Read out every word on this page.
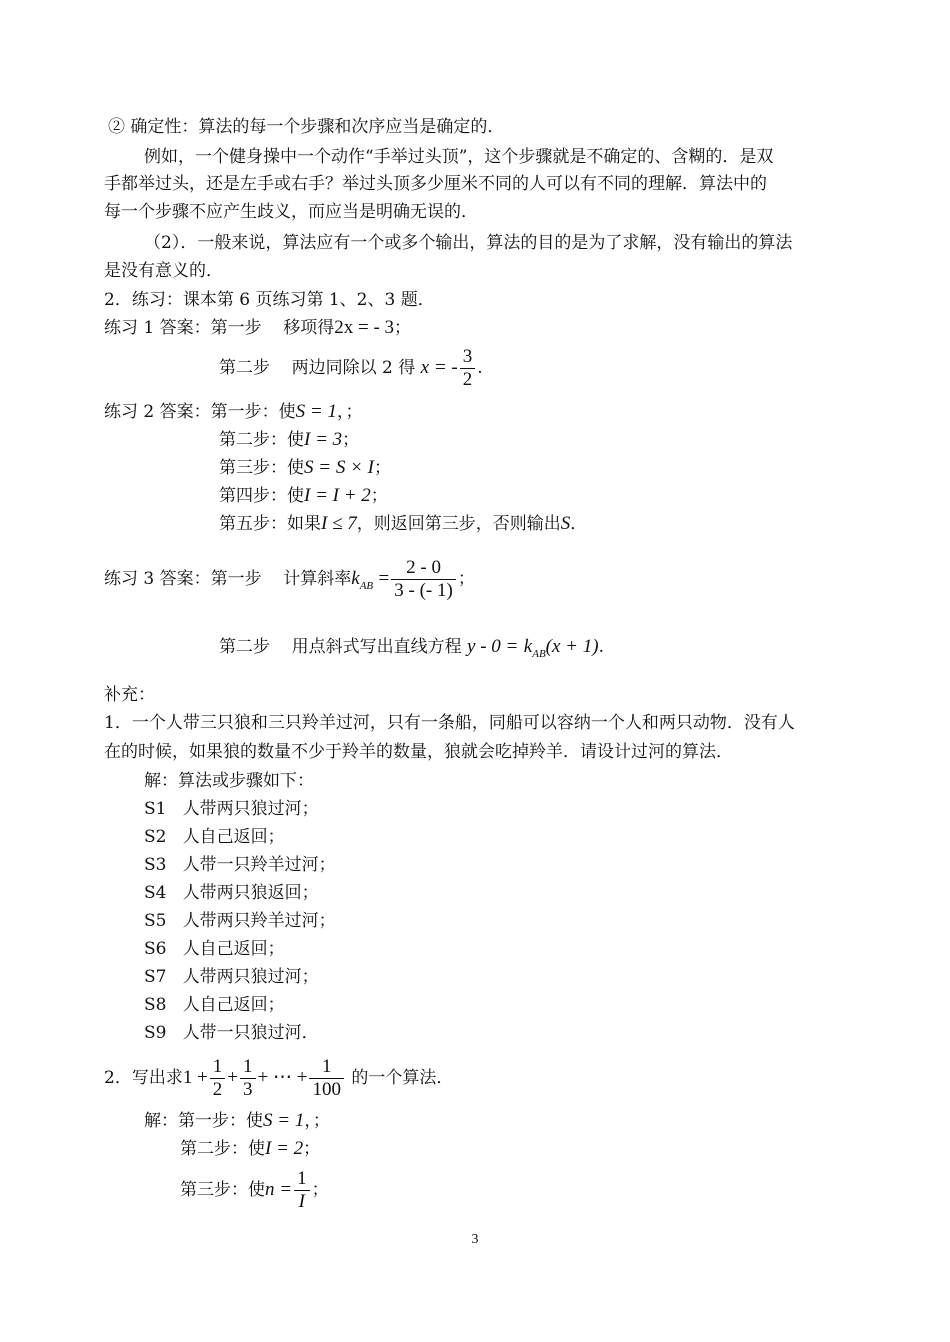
② 确定性：算法的每一个步骤和次序应当是确定的．
例如，一个健身操中一个动作“手举过头顶”，这个步骤就是不确定的、含糊的．是双
手都举过头，还是左手或右手？举过头顶多少厘米不同的人可以有不同的理解．算法中的
每一个步骤不应产生歧义，而应当是明确无误的．
（2）．一般来说，算法应有一个或多个输出，算法的目的是为了求解，没有输出的算法
是没有意义的．
2．练习：课本第 6 页练习第 1、2、3 题．
练习 1 答案：第一步 移项得2x = - 3；
第二步 两边同除以 2 得 x = - $\frac{3}{2}$ .
练习 2 答案：第一步：使S = 1，；
第二步：使I = 3；
第三步：使S = S × I；
第四步：使I = I + 2；
第五步：如果I ≤ 7，则返回第三步，否则输出S．
练习 3 答案：第一步 计算斜率$k_{AB} = \frac{2 - 0}{3 - (- 1)}$ ；
第二步 用点斜式写出直线方程 $y - 0 = k_{AB}(x + 1)$.
补充：
1．一个人带三只狼和三只羚羊过河，只有一条船，同船可以容纳一个人和两只动物．没有人
在的时候，如果狼的数量不少于羚羊的数量，狼就会吃掉羚羊．请设计过河的算法．
解：算法或步骤如下：
S1 人带两只狼过河；
S2 人自己返回；
S3 人带一只羚羊过河；
S4 人带两只狼返回；
S5 人带两只羚羊过河；
S6 人自己返回；
S7 人带两只狼过河；
S8 人自己返回；
S9 人带一只狼过河．
2．写出求$1 + \frac{1}{2} + \frac{1}{3}$ + ⋯ + $\frac{1}{100}$ 的一个算法．
解：第一步：使S = 1，；
第二步：使I = 2；
第三步：使$n = \frac{1}{I}$ ；
3
